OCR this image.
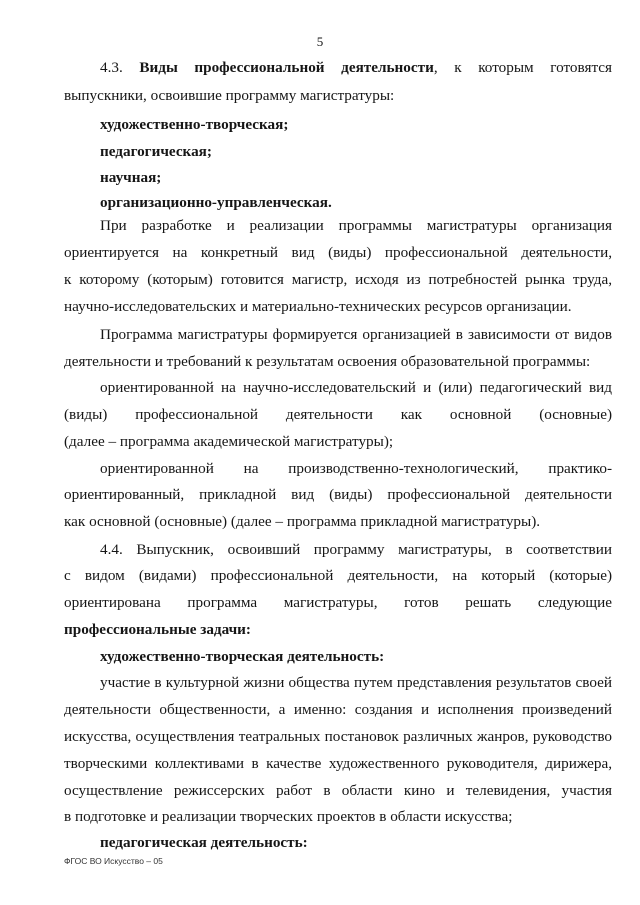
5
4.3. Виды профессиональной деятельности, к которым готовятся
выпускники, освоившие программу магистратуры:
художественно-творческая;
педагогическая;
научная;
организационно-управленческая.
При разработке и реализации программы магистратуры организация
ориентируется на конкретный вид (виды) профессиональной деятельности,
к которому (которым) готовится магистр, исходя из потребностей рынка труда,
научно-исследовательских и материально-технических ресурсов организации.
Программа магистратуры формируется организацией в зависимости от видов
деятельности и требований к результатам освоения образовательной программы:
ориентированной на научно-исследовательский и (или) педагогический вид
(виды) профессиональной деятельности как основной (основные)
(далее – программа академической магистратуры);
ориентированной на производственно-технологический, практико-
ориентированный, прикладной вид (виды) профессиональной деятельности
как основной (основные) (далее – программа прикладной магистратуры).
4.4. Выпускник, освоивший программу магистратуры, в соответствии
с видом (видами) профессиональной деятельности, на который (которые)
ориентирована программа магистратуры, готов решать следующие
профессиональные задачи:
художественно-творческая деятельность:
участие в культурной жизни общества путем представления результатов своей
деятельности общественности, а именно: создания и исполнения произведений
искусства, осуществления театральных постановок различных жанров, руководство
творческими коллективами в качестве художественного руководителя, дирижера,
осуществление режиссерских работ в области кино и телевидения, участия
в подготовке и реализации творческих проектов в области искусства;
педагогическая деятельность:
ФГОС ВО Искусство – 05
